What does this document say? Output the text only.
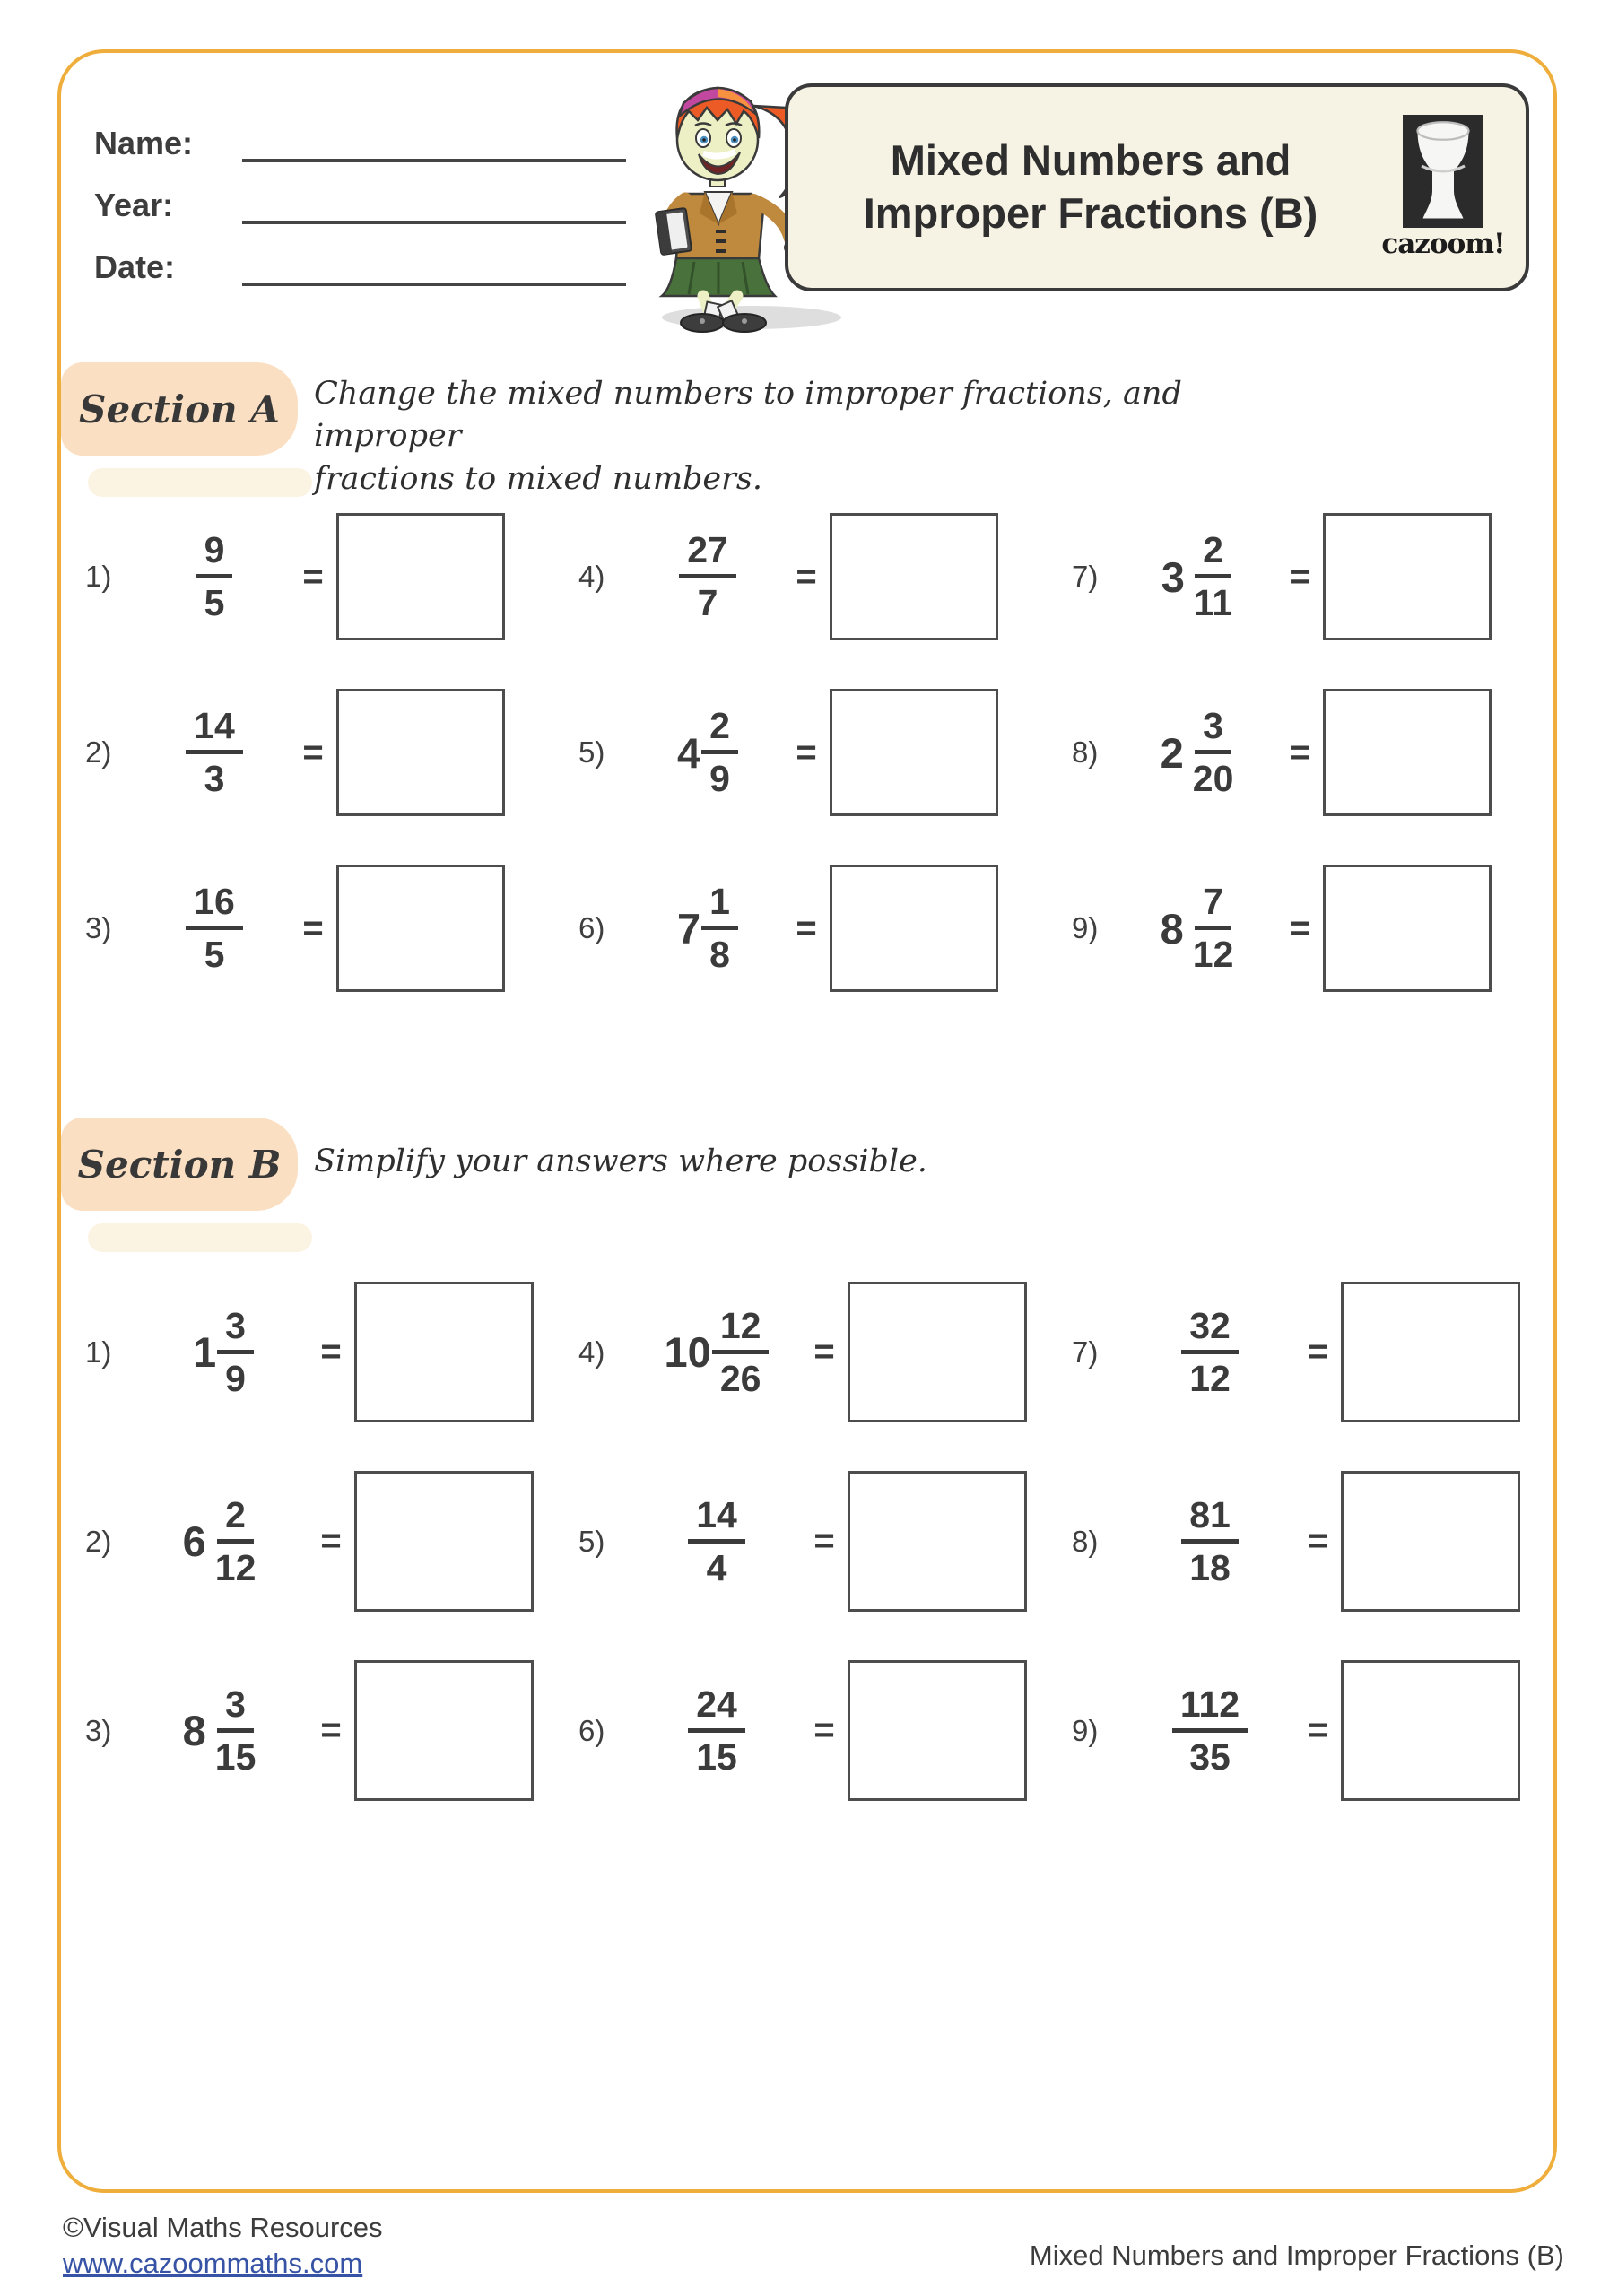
Name:
Year:
Date:
Mixed Numbers and
Improper Fractions (B)
cazoom!
Section A Change the mixed numbers to improper fractions, and improper
fractions to mixed numbers.
1)	$\frac{9}{5}$	=	4)	$\frac{27}{7}$	=	7)	$3 \frac{2}{11}$	=
2)	$\frac{14}{3}$	=	5)	$4 \frac{2}{9}$	=	8)	$2 \frac{3}{20}$	=
3)	$\frac{16}{5}$	=	6)	$7 \frac{1}{8}$	=	9)	$8 \frac{7}{12}$	=
Section B Simplify your answers where possible.
1)	$1 \frac{3}{9}$	=	4)	$10 \frac{12}{26}$	=	7)	$\frac{32}{12}$	=
2)	$6 \frac{2}{12}$	=	5)	$\frac{14}{4}$	=	8)	$\frac{81}{18}$	=
3)	$8 \frac{3}{15}$	=	6)	$\frac{24}{15}$	=	9)	$\frac{112}{35}$	=
©Visual Maths Resources
www.cazoommaths.com	Mixed Numbers and Improper Fractions (B)
